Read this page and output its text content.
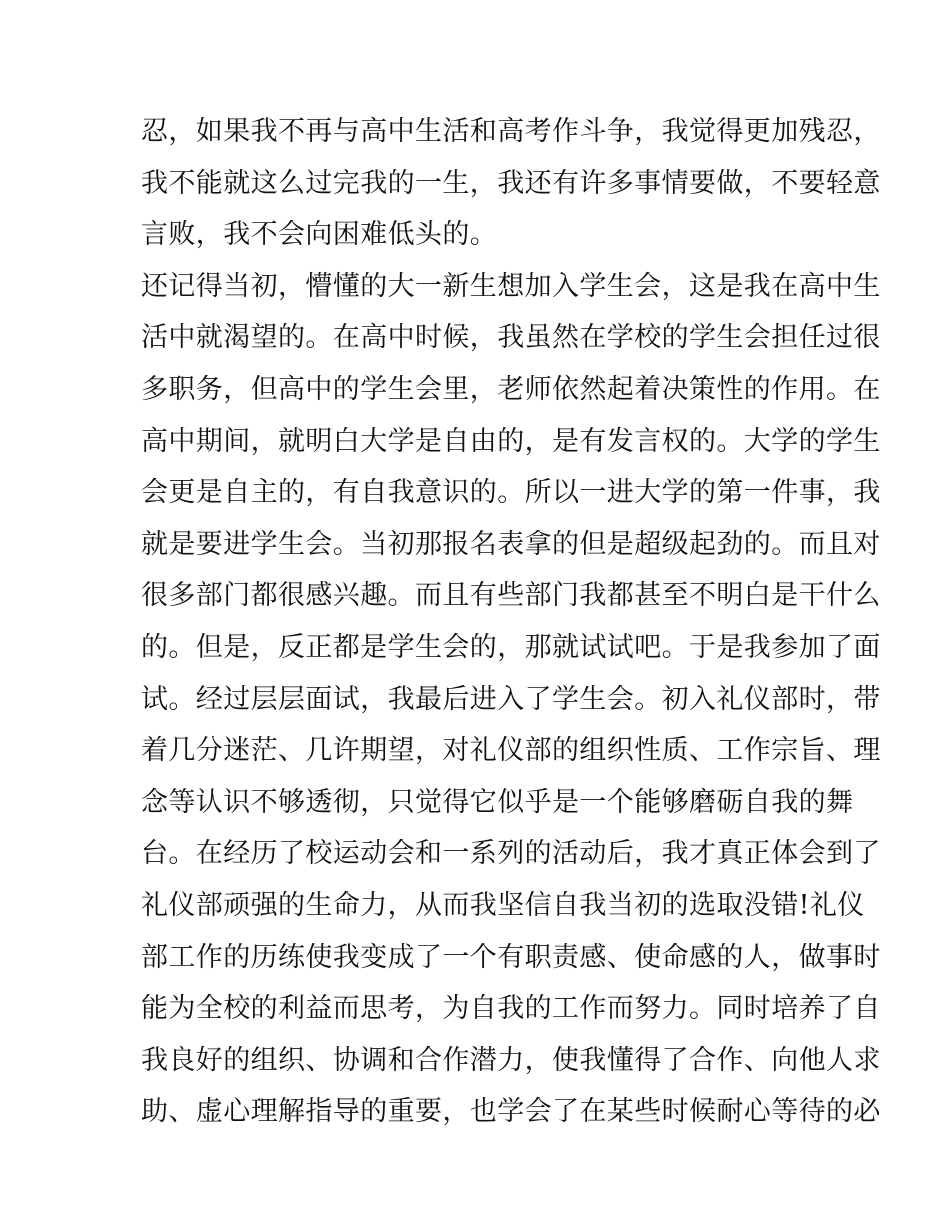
忍，如果我不再与高中生活和高考作斗争，我觉得更加残忍，
我不能就这么过完我的一生，我还有许多事情要做，不要轻意
言败，我不会向困难低头的。
还记得当初，懵懂的大一新生想加入学生会，这是我在高中生
活中就渴望的。在高中时候，我虽然在学校的学生会担任过很
多职务，但高中的学生会里，老师依然起着决策性的作用。在
高中期间，就明白大学是自由的，是有发言权的。大学的学生
会更是自主的，有自我意识的。所以一进大学的第一件事，我
就是要进学生会。当初那报名表拿的但是超级起劲的。而且对
很多部门都很感兴趣。而且有些部门我都甚至不明白是干什么
的。但是，反正都是学生会的，那就试试吧。于是我参加了面
试。经过层层面试，我最后进入了学生会。初入礼仪部时，带
着几分迷茫、几许期望，对礼仪部的组织性质、工作宗旨、理
念等认识不够透彻，只觉得它似乎是一个能够磨砺自我的舞
台。在经历了校运动会和一系列的活动后，我才真正体会到了
礼仪部顽强的生命力，从而我坚信自我当初的选取没错!礼仪
部工作的历练使我变成了一个有职责感、使命感的人，做事时
能为全校的利益而思考，为自我的工作而努力。同时培养了自
我良好的组织、协调和合作潜力，使我懂得了合作、向他人求
助、虚心理解指导的重要，也学会了在某些时候耐心等待的必
